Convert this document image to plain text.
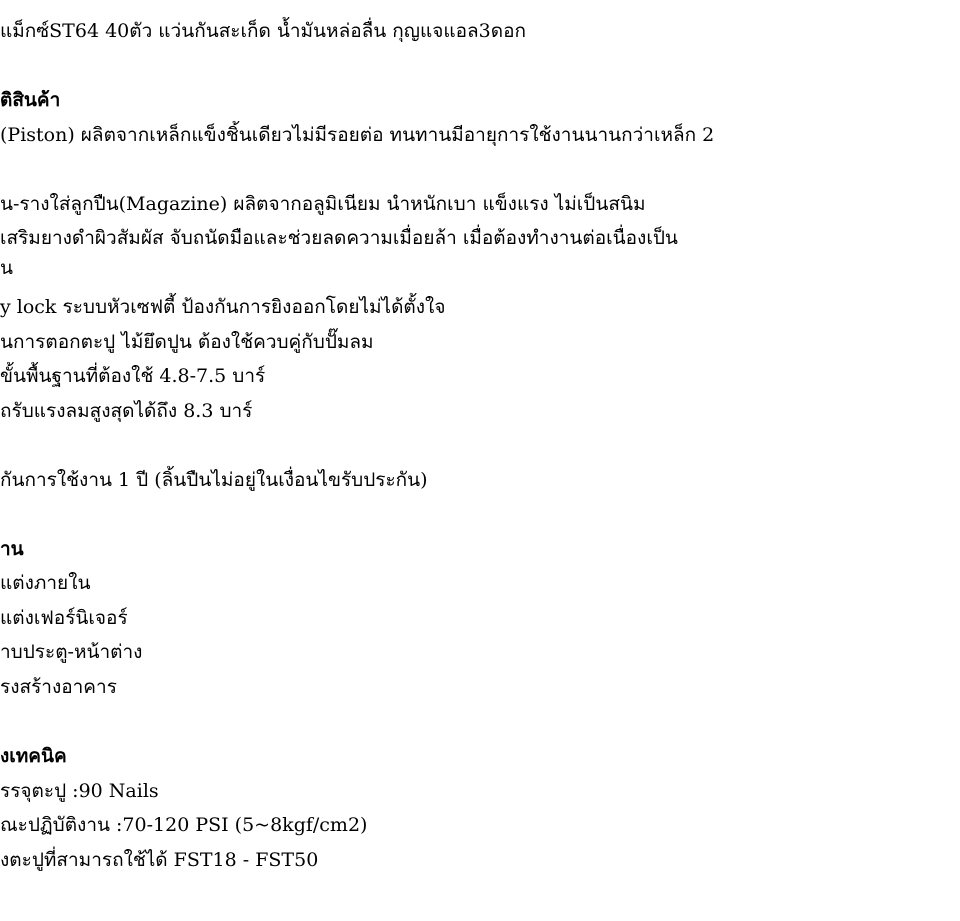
แม็กซ์ST64 40ตัว แว่นกันสะเก็ด น้ำมันหล่อลื่น กุญแจแอล3ดอก

ติสินค้า

(Piston) ผลิตจากเหล็กแข็งชิ้นเดียวไม่มีรอยต่อ ทนทานมีอายุการใช้งานนานกว่าเหล็ก 2

น-รางใส่ลูกปืน(Magazine) ผลิตจากอลูมิเนียม นำหนักเบา แข็งแรง ไม่เป็นสนิม

เสริมยางดำผิวสัมผัส จับถนัดมือและช่วยลดความเมื่อยล้า เมื่อต้องทำงานต่อเนื่องเป็น

น

y lock ระบบหัวเซฟตี้ ป้องกันการยิงออกโดยไม่ได้ตั้งใจ

นการตอกตะปู ไม้ยึดปูน ต้องใช้ควบคู่กับปั๊มลม

ขั้นพื้นฐานที่ต้องใช้ 4.8-7.5 บาร์

ถรับแรงลมสูงสุดได้ถึง 8.3 บาร์

กันการใช้งาน 1 ปี (ลิ้นปืนไม่อยู่ในเงื่อนไขรับประกัน)

าน

แต่งภายใน

แต่งเฟอร์นิเจอร์

าบประตู-หน้าต่าง

รงสร้างอาคาร

งเทคนิค

รรจุตะปู :90 Nails

ณะปฏิบัติงาน :70-120 PSI (5~8kgf/cm2)

งตะปูที่สามารถใช้ได้ FST18 - FST50
